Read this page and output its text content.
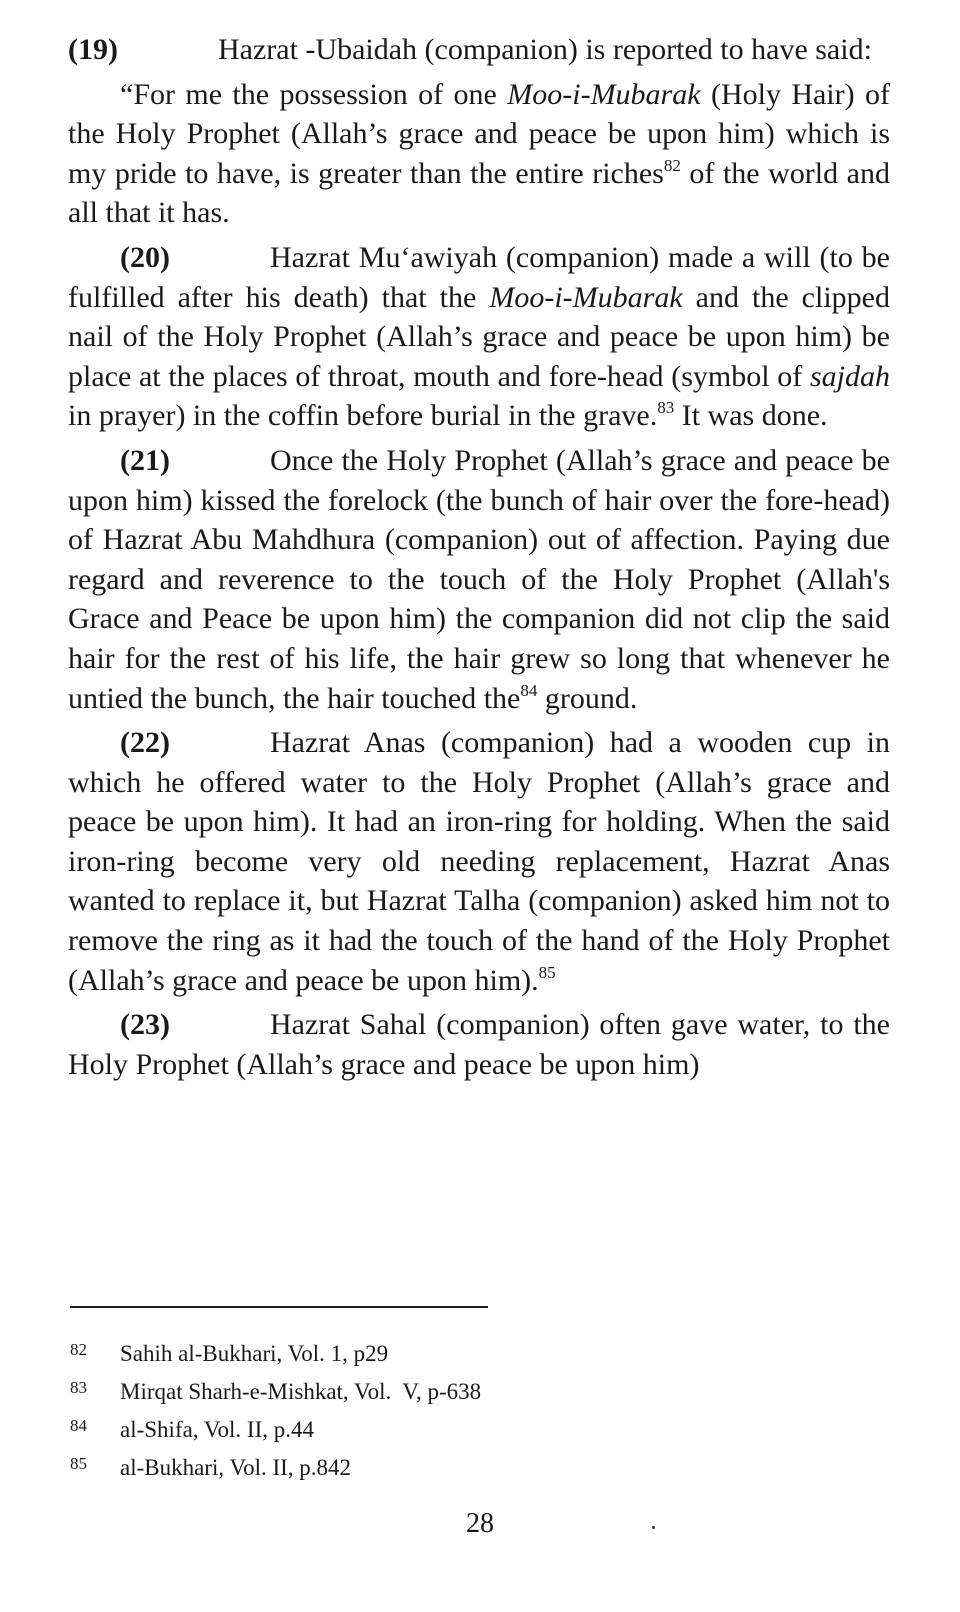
(19)	Hazrat -Ubaidah (companion) is reported to have said:

“For me the possession of one Moo-i-Mubarak (Holy Hair) of the Holy Prophet (Allah’s grace and peace be upon him) which is my pride to have, is greater than the entire riches$^{82}$ of the world and all that it has.

(20)	Hazrat Mu‘awiyah (companion) made a will (to be fulfilled after his death) that the Moo-i-Mubarak and the clipped nail of the Holy Prophet (Allah’s grace and peace be upon him) be place at the places of throat, mouth and fore-head (symbol of sajdah in prayer) in the coffin before burial in the grave.$^{83}$ It was done.

(21)	Once the Holy Prophet (Allah’s grace and peace be upon him) kissed the forelock (the bunch of hair over the fore-head) of Hazrat Abu Mahdhura (companion) out of affection. Paying due regard and reverence to the touch of the Holy Prophet (Allah's Grace and Peace be upon him) the companion did not clip the said hair for the rest of his life, the hair grew so long that whenever he untied the bunch, the hair touched the$^{84}$ ground.

(22)	Hazrat Anas (companion) had a wooden cup in which he offered water to the Holy Prophet (Allah’s grace and peace be upon him). It had an iron-ring for holding. When the said iron-ring become very old needing replacement, Hazrat Anas wanted to replace it, but Hazrat Talha (companion) asked him not to remove the ring as it had the touch of the hand of the Holy Prophet (Allah’s grace and peace be upon him).$^{85}$

(23)	Hazrat Sahal (companion) often gave water, to the Holy Prophet (Allah’s grace and peace be upon him)

82 Sahih al-Bukhari, Vol. 1, p29
83 Mirqat Sharh-e-Mishkat, Vol.  V, p-638
84 al-Shifa, Vol. II, p.44
85 al-Bukhari, Vol. II, p.842
28
